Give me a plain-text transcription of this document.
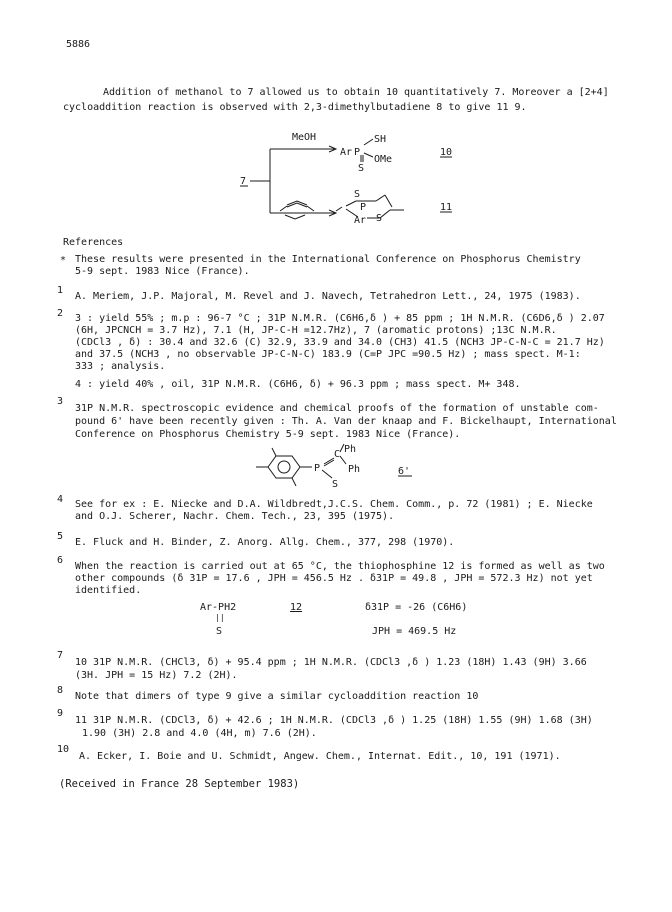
5886
Addition of methanol to 7 allowed us to obtain 10 quantitatively 7. Moreover a [2+4]
cycloaddition reaction is observed with 2,3-dimethylbutadiene 8 to give 11 9.
MeOH
7
Ar P
SH
OMe
S
10
S
P
Ar S
11
References
* These results were presented in the International Conference on Phosphorus Chemistry
5-9 sept. 1983 Nice (France).
1
A. Meriem, J.P. Majoral, M. Revel and J. Navech, Tetrahedron Lett., 24, 1975 (1983).
2 3 : yield 55% ; m.p : 96-7 °C ; 31P N.M.R. (C6H6,δ ) + 85 ppm ; 1H N.M.R. (C6D6,δ ) 2.07
(6H, JPCNCH = 3.7 Hz), 7.1 (H, JP-C-H =12.7Hz), 7 (aromatic protons) ;13C N.M.R.
(CDCl3 , δ) : 30.4 and 32.6 (C) 32.9, 33.9 and 34.0 (CH3) 41.5 (NCH3 JP-C-N-C = 21.7 Hz)
and 37.5 (NCH3 , no observable JP-C-N-C) 183.9 (C=P JPC =90.5 Hz) ; mass spect. M-1:
333 ; analysis.
4 : yield 40% , oil, 31P N.M.R. (C6H6, δ) + 96.3 ppm ; mass spect. M+ 348.
3
31P N.M.R. spectroscopic evidence and chemical proofs of the formation of unstable com-
pound 6' have been recently given : Th. A. Van der knaap and F. Bickelhaupt, International
Conference on Phosphorus Chemistry 5-9 sept. 1983 Nice (France).
P
C Ph
Ph
S
6'
4 See for ex : E. Niecke and D.A. Wildbredt,J.C.S. Chem. Comm., p. 72 (1981) ; E. Niecke
and O.J. Scherer, Nachr. Chem. Tech., 23, 395 (1975).
5
E. Fluck and H. Binder, Z. Anorg. Allg. Chem., 377, 298 (1970).
6
When the reaction is carried out at 65 °C, the thiophosphine 12 is formed as well as two
other compounds (δ 31P = 17.6 , JPH = 456.5 Hz . δ31P = 49.8 , JPH = 572.3 Hz) not yet
identified.
Ar-PH2
||
S
12	δ31P = -26 (C6H6)
JPH = 469.5 Hz
7
10 31P N.M.R. (CHCl3, δ) + 95.4 ppm ; 1H N.M.R. (CDCl3 ,δ ) 1.23 (18H) 1.43 (9H) 3.66
(3H. JPH = 15 Hz) 7.2 (2H).
8
Note that dimers of type 9 give a similar cycloaddition reaction 10
9
11 31P N.M.R. (CDCl3, δ) + 42.6 ; 1H N.M.R. (CDCl3 ,δ ) 1.25 (18H) 1.55 (9H) 1.68 (3H)
1.90 (3H) 2.8 and 4.0 (4H, m) 7.6 (2H).
10
A. Ecker, I. Boie and U. Schmidt, Angew. Chem., Internat. Edit., 10, 191 (1971).
(Received in France 28 September 1983)
